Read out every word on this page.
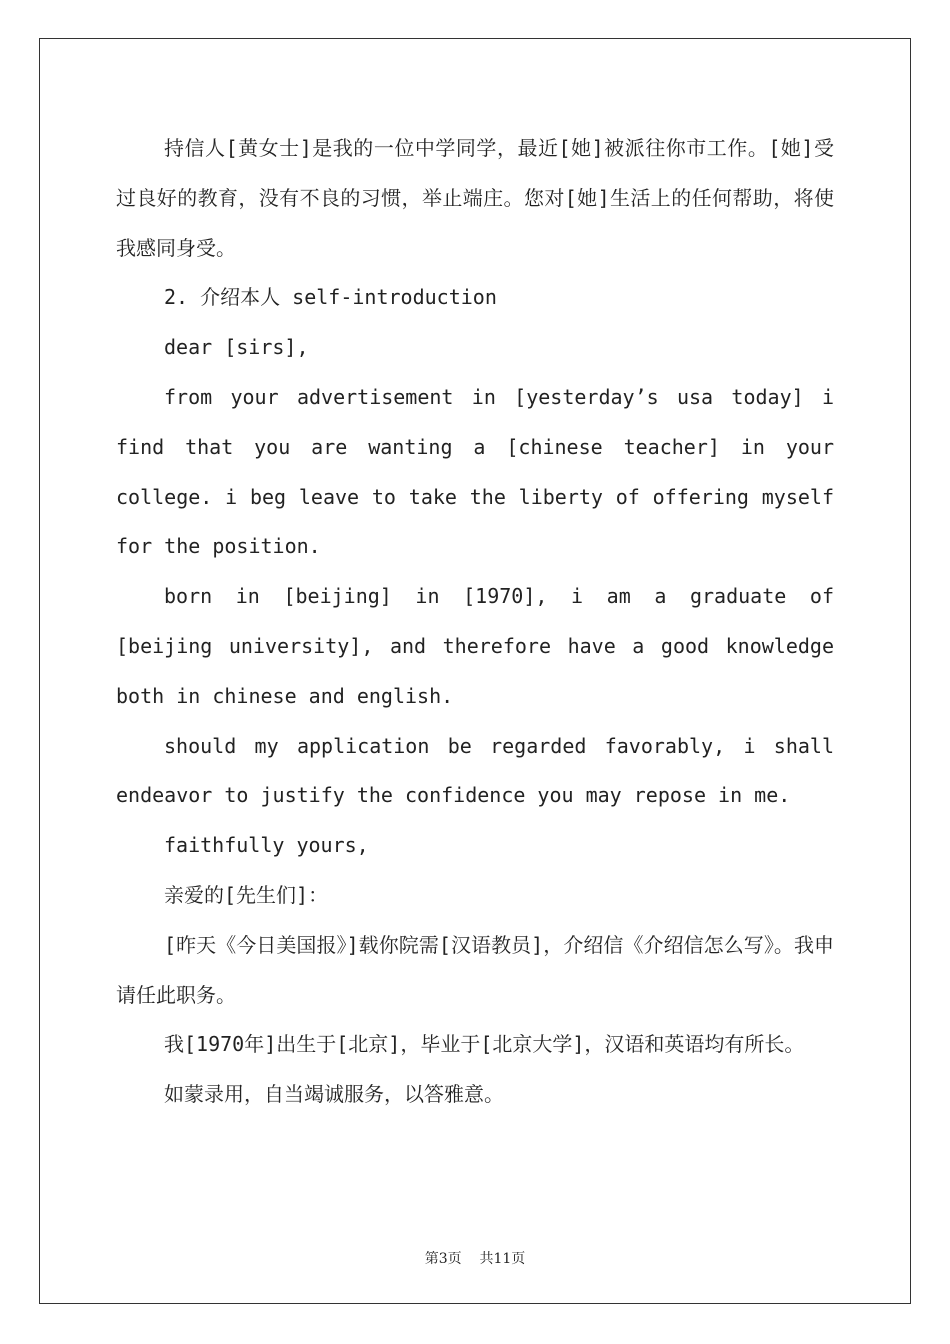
持信人[黄女士]是我的一位中学同学，最近[她]被派往你市工作。[她]受过良好的教育，没有不良的习惯，举止端庄。您对[她]生活上的任何帮助，将使我感同身受。

2. 介绍本人 self-introduction

dear [sirs],

from your advertisement in [yesterday’s usa today] i find that you are wanting a [chinese teacher] in your college. i beg leave to take the liberty of offering myself for the position.

born in [beijing] in [1970], i am a graduate of [beijing university], and therefore have a good knowledge both in chinese and english.

should my application be regarded favorably, i shall endeavor to justify the confidence you may repose in me.

faithfully yours,

亲爱的[先生们]：

[昨天《今日美国报》]载你院需[汉语教员]，介绍信《介绍信怎么写》。我申请任此职务。

我[1970年]出生于[北京]，毕业于[北京大学]，汉语和英语均有所长。

如蒙录用，自当竭诚服务，以答雅意。

第3页 共11页
